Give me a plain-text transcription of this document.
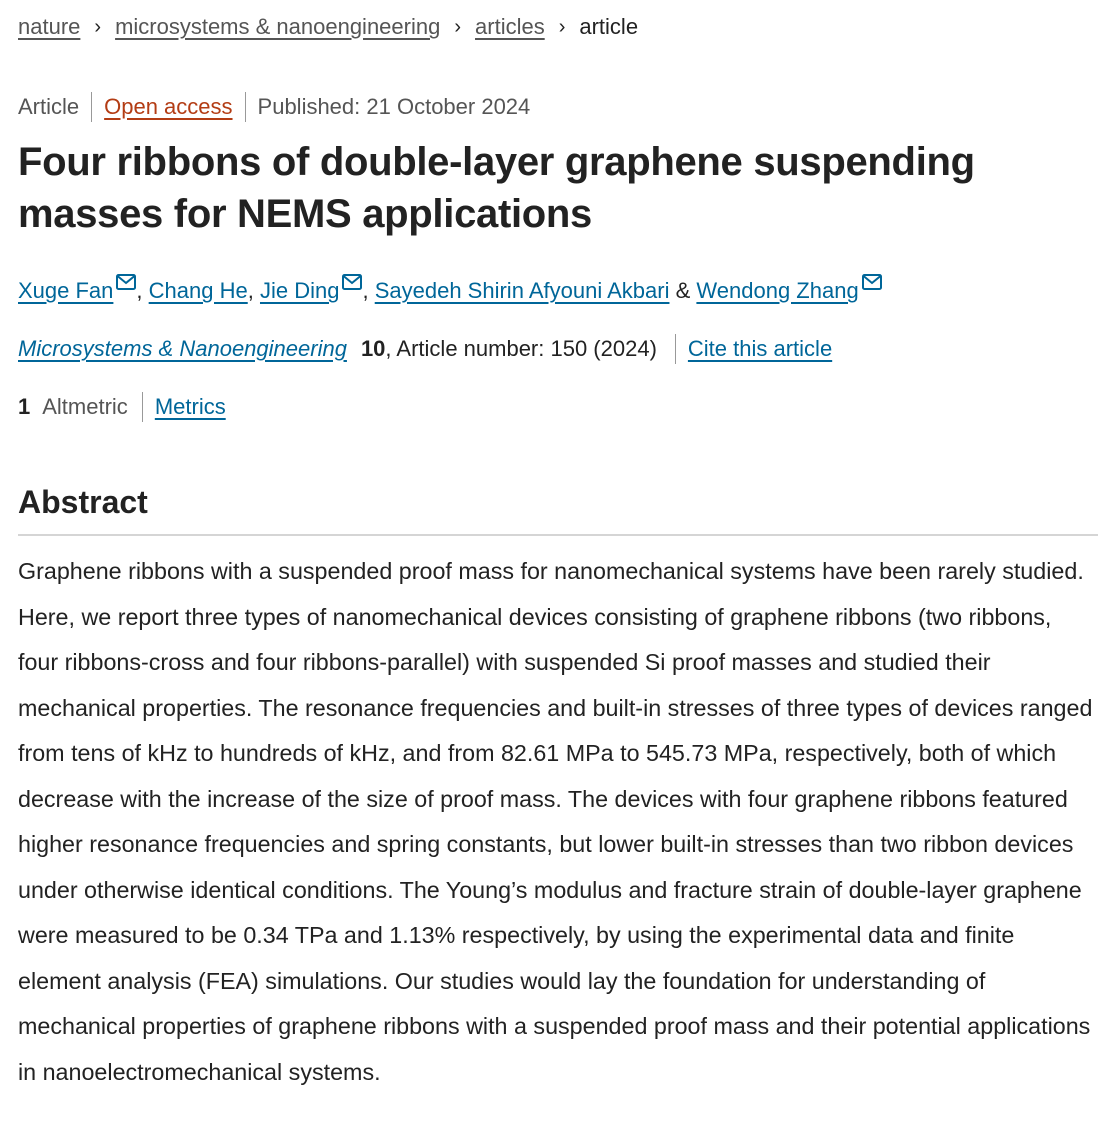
nature › microsystems & nanoengineering › articles › article
Article Open access Published: 21 October 2024
Four ribbons of double-layer graphene suspending masses for NEMS applications
Xuge Fan , Chang He, Jie Ding , Sayedeh Shirin Afyouni Akbari & Wendong Zhang
Microsystems & Nanoengineering 10 , Article number: 150 (2024) Cite this article
1 Altmetric Metrics
Abstract

Graphene ribbons with a suspended proof mass for nanomechanical systems have been rarely studied. Here, we report three types of nanomechanical devices consisting of graphene ribbons (two ribbons, four ribbons-cross and four ribbons-parallel) with suspended Si proof masses and studied their mechanical properties. The resonance frequencies and built-in stresses of three types of devices ranged from tens of kHz to hundreds of kHz, and from 82.61 MPa to 545.73 MPa, respectively, both of which decrease with the increase of the size of proof mass. The devices with four graphene ribbons featured higher resonance frequencies and spring constants, but lower built-in stresses than two ribbon devices under otherwise identical conditions. The Young’s modulus and fracture strain of double-layer graphene were measured to be 0.34 TPa and 1.13% respectively, by using the experimental data and finite element analysis (FEA) simulations. Our studies would lay the foundation for understanding of mechanical properties of graphene ribbons with a suspended proof mass and their potential applications in nanoelectromechanical systems.
